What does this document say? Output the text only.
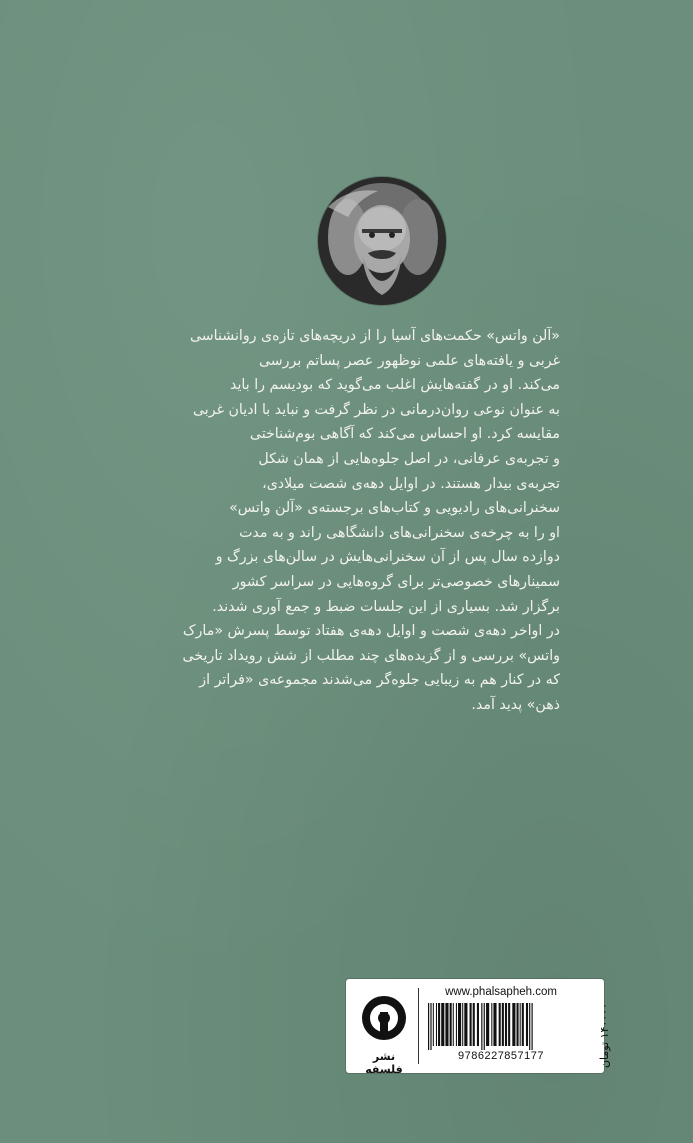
«آلن واتس» حکمت‌های آسیا را از دریچه‌های تازه‌ی روانشناسی

غربی و یافته‌های علمی نوظهور عصر پساتم بررسی

می‌کند. او در گفته‌هایش اغلب می‌گوید که بودیسم را باید

به عنوان نوعی روان‌درمانی در نظر گرفت و نباید با ادیان غربی

مقایسه کرد. او احساس می‌کند که آگاهی بوم‌شناختی

و تجربه‌ی عرفانی، در اصل جلوه‌هایی از همان شکل

تجربه‌ی بیدار هستند. در اوایل دهه‌ی شصت میلادی،

سخنرانی‌های رادیویی و کتاب‌های برجسته‌ی «آلن واتس»

او را به چرخه‌ی سخنرانی‌های دانشگاهی راند و به مدت

دوازده سال پس از آن سخنرانی‌هایش در سالن‌های بزرگ و

سمینارهای خصوصی‌تر برای گروه‌هایی در سراسر کشور

برگزار شد. بسیاری از این جلسات ضبط و جمع آوری شدند.

در اواخر دهه‌ی شصت و اوایل دهه‌ی هفتاد توسط پسرش «مارک

واتس» بررسی و از گزیده‌های چند مطلب از شش رویداد تاریخی

که در کنار هم به زیبایی جلوه‌گر می‌شدند مجموعه‌ی «فراتر از

ذهن» پدید آمد.

نشر فلسفه
www.phalsapheh.com
9786227857177	۱۴۰۰۰۰ تومان
